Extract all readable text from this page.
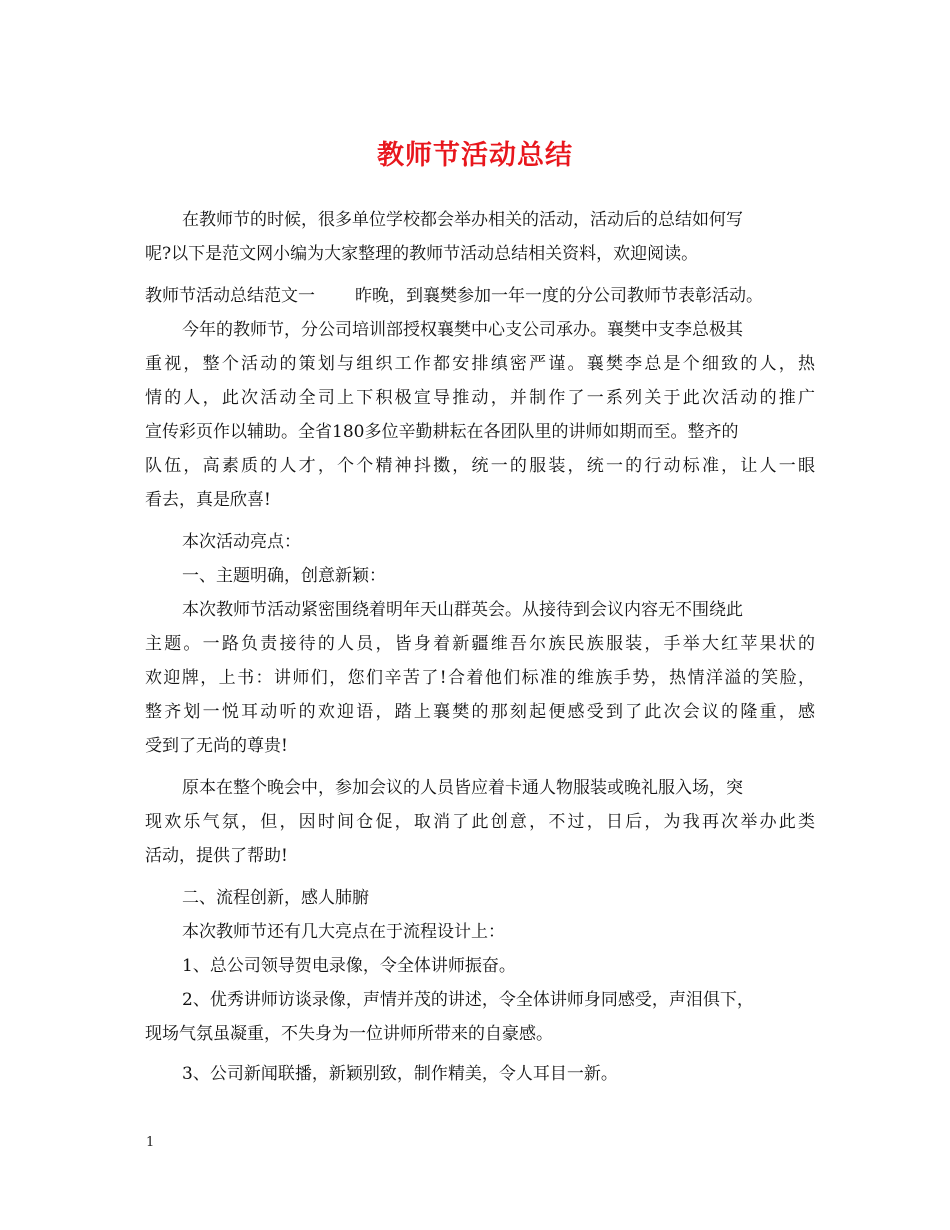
教师节活动总结
在教师节的时候，很多单位学校都会举办相关的活动，活动后的总结如何写
呢?以下是范文网小编为大家整理的教师节活动总结相关资料，欢迎阅读。
教师节活动总结范文一 昨晚，到襄樊参加一年一度的分公司教师节表彰活动。
今年的教师节，分公司培训部授权襄樊中心支公司承办。襄樊中支李总极其
重视，整个活动的策划与组织工作都安排缜密严谨。襄樊李总是个细致的人，热
情的人，此次活动全司上下积极宣导推动，并制作了一系列关于此次活动的推广
宣传彩页作以辅助。全省180多位辛勤耕耘在各团队里的讲师如期而至。整齐的
队伍，高素质的人才，个个精神抖擞，统一的服装，统一的行动标准，让人一眼
看去，真是欣喜!
本次活动亮点：
一、主题明确，创意新颖：
本次教师节活动紧密围绕着明年天山群英会。从接待到会议内容无不围绕此
主题。一路负责接待的人员，皆身着新疆维吾尔族民族服装，手举大红苹果状的
欢迎牌，上书：讲师们，您们辛苦了!合着他们标准的维族手势，热情洋溢的笑脸，
整齐划一悦耳动听的欢迎语，踏上襄樊的那刻起便感受到了此次会议的隆重，感
受到了无尚的尊贵!
原本在整个晚会中，参加会议的人员皆应着卡通人物服装或晚礼服入场，突
现欢乐气氛，但，因时间仓促，取消了此创意，不过，日后，为我再次举办此类
活动，提供了帮助!
二、流程创新，感人肺腑
本次教师节还有几大亮点在于流程设计上：
1、总公司领导贺电录像，令全体讲师振奋。
2、优秀讲师访谈录像，声情并茂的讲述，令全体讲师身同感受，声泪俱下，
现场气氛虽凝重，不失身为一位讲师所带来的自豪感。
3、公司新闻联播，新颖别致，制作精美，令人耳目一新。
1
